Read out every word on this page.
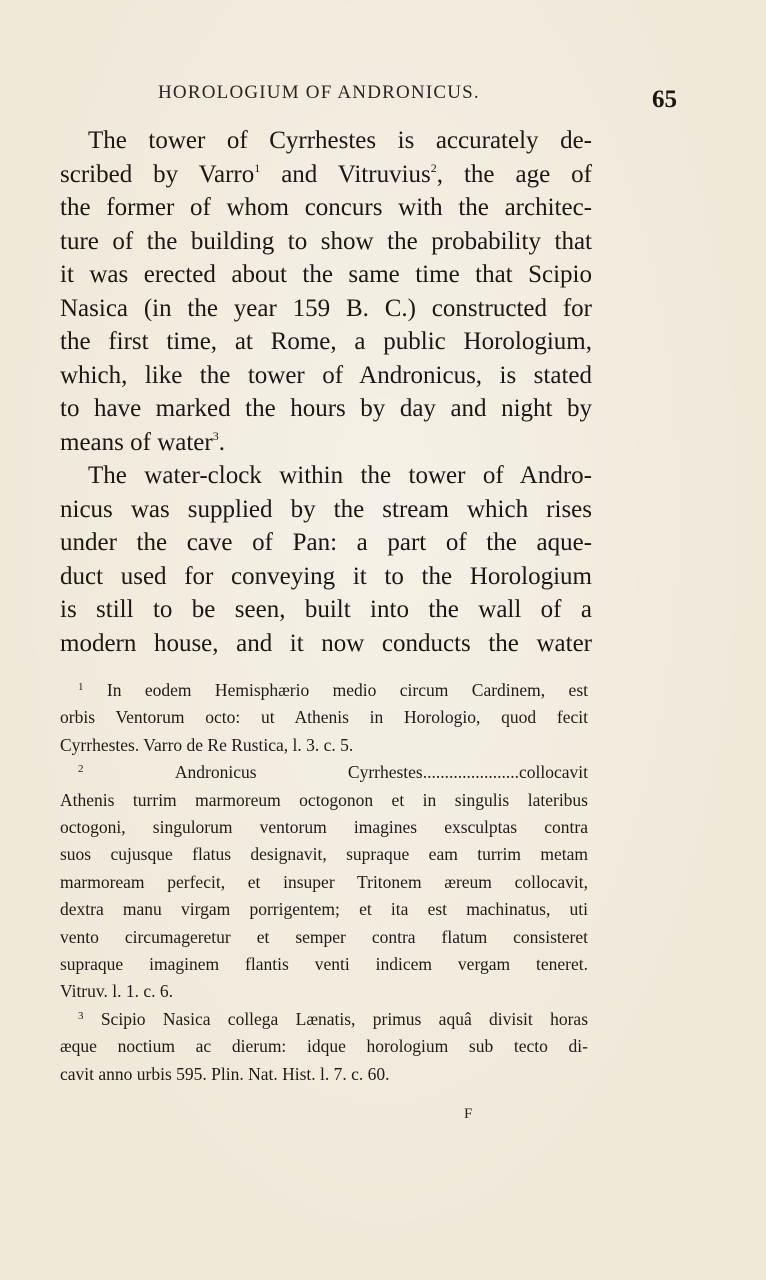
HOROLOGIUM OF ANDRONICUS.	65
The tower of Cyrrhestes is accurately de-
scribed by Varro$^1$ and Vitruvius$^2$, the age of
the former of whom concurs with the architec-
ture of the building to show the probability that
it was erected about the same time that Scipio
Nasica (in the year 159 B. C.) constructed for
the first time, at Rome, a public Horologium,
which, like the tower of Andronicus, is stated
to have marked the hours by day and night by
means of water$^3$.
The water-clock within the tower of Andro-
nicus was supplied by the stream which rises
under the cave of Pan: a part of the aque-
duct used for conveying it to the Horologium
is still to be seen, built into the wall of a
modern house, and it now conducts the water
$^1$ In eodem Hemisphærio medio circum Cardinem, est
orbis Ventorum octo: ut Athenis in Horologio, quod fecit
Cyrrhestes. Varro de Re Rustica, l. 3. c. 5.
$^2$	Andronicus Cyrrhestes......................collocavit
Athenis turrim marmoreum octogonon et in singulis lateribus
octogoni, singulorum ventorum imagines exsculptas contra
suos cujusque flatus designavit, supraque eam turrim metam
marmoream perfecit, et insuper Tritonem æreum collocavit,
dextra manu virgam porrigentem; et ita est machinatus, uti
vento circumageretur et semper contra flatum consisteret
supraque imaginem flantis venti indicem vergam teneret.
Vitruv. l. 1. c. 6.
$^3$ Scipio Nasica collega Lænatis, primus aquâ divisit horas
æque noctium ac dierum: idque horologium sub tecto di-
cavit anno urbis 595. Plin. Nat. Hist. l. 7. c. 60.
F
